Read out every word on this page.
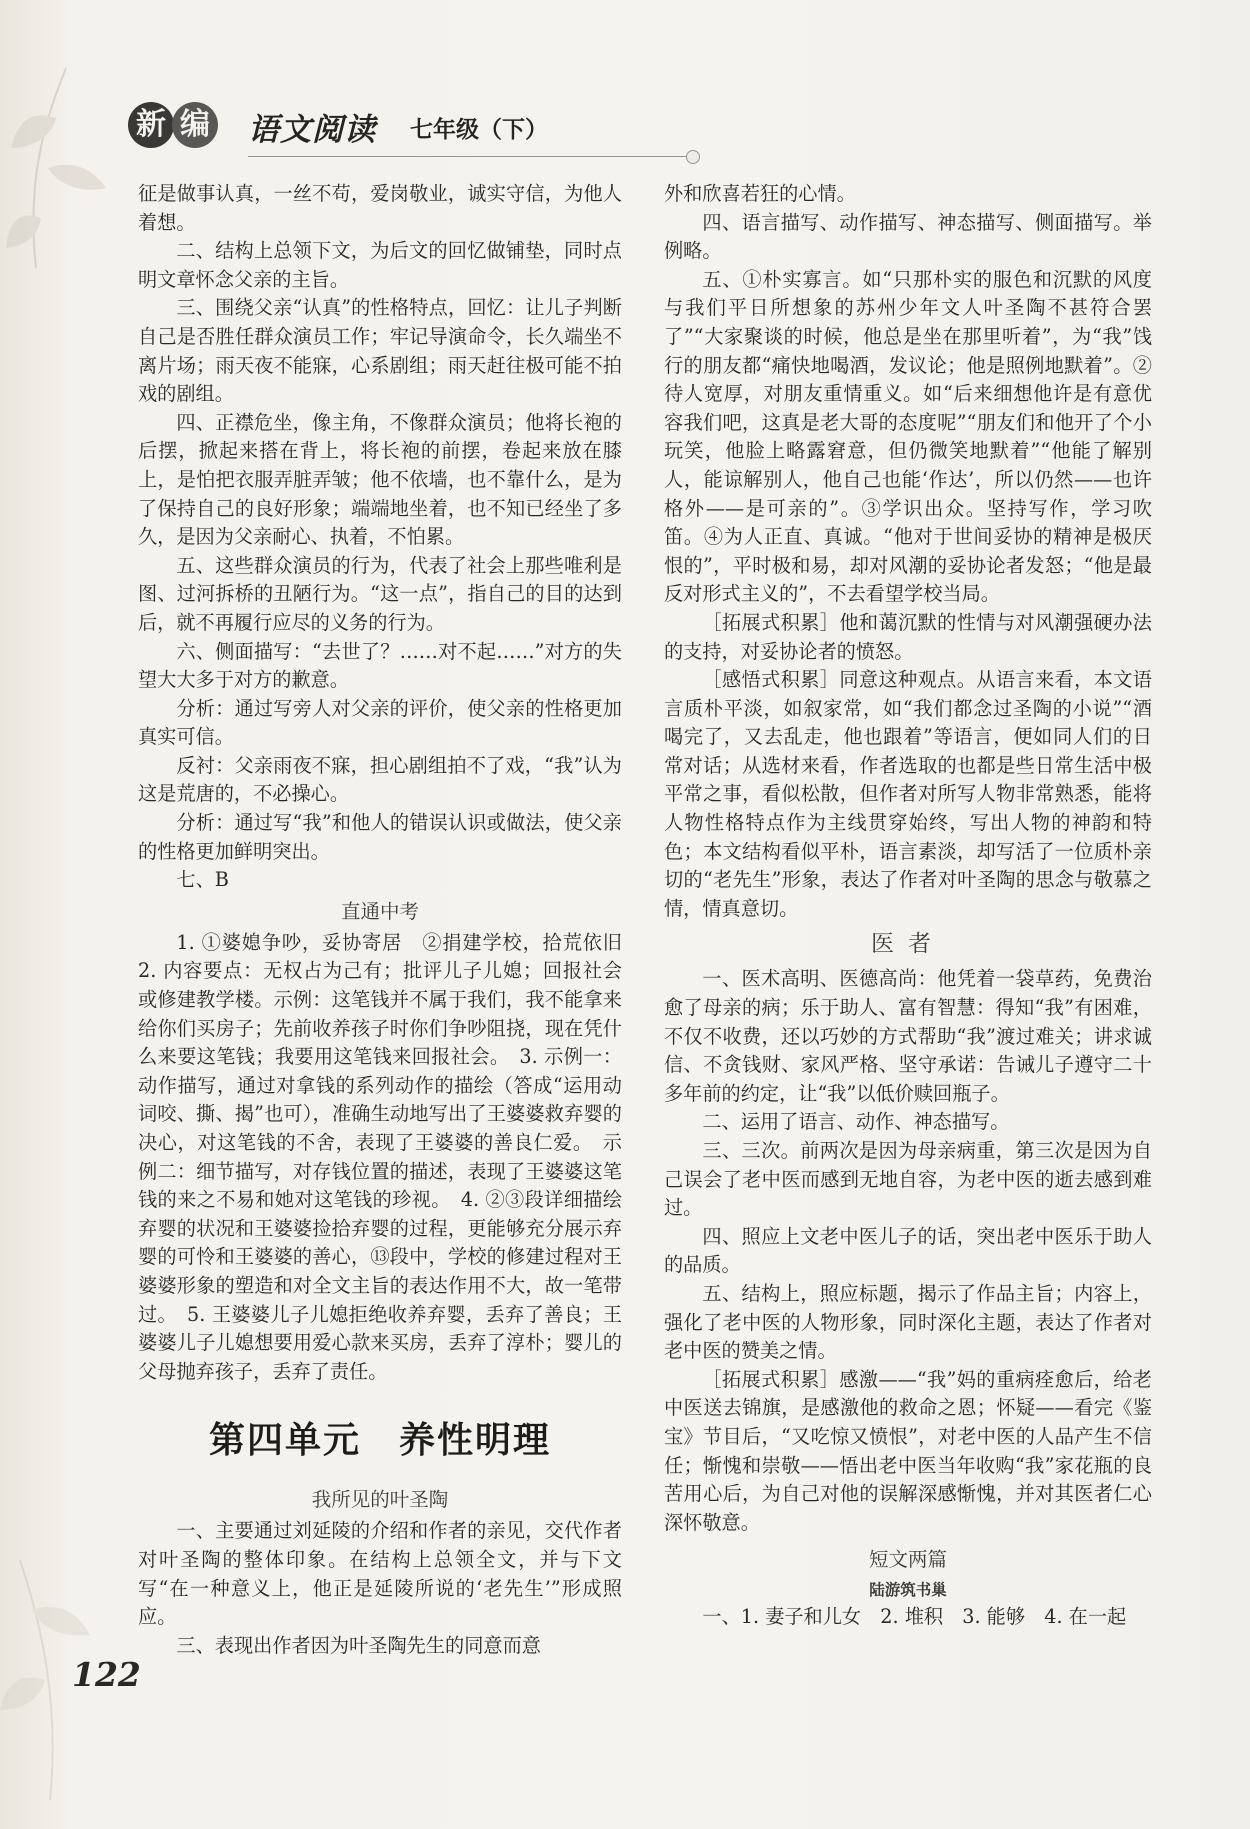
新 编 语文阅读 七年级（下）

征是做事认真，一丝不苟，爱岗敬业，诚实守信，为他人着想。

二、结构上总领下文，为后文的回忆做铺垫，同时点明文章怀念父亲的主旨。

三、围绕父亲“认真”的性格特点，回忆：让儿子判断自己是否胜任群众演员工作；牢记导演命令，长久端坐不离片场；雨天夜不能寐，心系剧组；雨天赶往极可能不拍戏的剧组。

四、正襟危坐，像主角，不像群众演员；他将长袍的后摆，掀起来搭在背上，将长袍的前摆，卷起来放在膝上，是怕把衣服弄脏弄皱；他不依墙，也不靠什么，是为了保持自己的良好形象；端端地坐着，也不知已经坐了多久，是因为父亲耐心、执着，不怕累。

五、这些群众演员的行为，代表了社会上那些唯利是图、过河拆桥的丑陋行为。“这一点”，指自己的目的达到后，就不再履行应尽的义务的行为。

六、侧面描写：“去世了？……对不起……”对方的失望大大多于对方的歉意。

分析：通过写旁人对父亲的评价，使父亲的性格更加真实可信。

反衬：父亲雨夜不寐，担心剧组拍不了戏，“我”认为这是荒唐的，不必操心。

分析：通过写“我”和他人的错误认识或做法，使父亲的性格更加鲜明突出。

七、B

直通中考

1. ①婆媳争吵，妥协寄居　②捐建学校，拾荒依旧　2. 内容要点：无权占为己有；批评儿子儿媳；回报社会或修建教学楼。示例：这笔钱并不属于我们，我不能拿来给你们买房子；先前收养孩子时你们争吵阻挠，现在凭什么来要这笔钱；我要用这笔钱来回报社会。　3. 示例一：动作描写，通过对拿钱的系列动作的描绘（答成“运用动词咬、撕、揭”也可），准确生动地写出了王婆婆救弃婴的决心，对这笔钱的不舍，表现了王婆婆的善良仁爱。　示例二：细节描写，对存钱位置的描述，表现了王婆婆这笔钱的来之不易和她对这笔钱的珍视。　4. ②③段详细描绘弃婴的状况和王婆婆捡拾弃婴的过程，更能够充分展示弃婴的可怜和王婆婆的善心，⑬段中，学校的修建过程对王婆婆形象的塑造和对全文主旨的表达作用不大，故一笔带过。　5. 王婆婆儿子儿媳拒绝收养弃婴，丢弃了善良；王婆婆儿子儿媳想要用爱心款来买房，丢弃了淳朴；婴儿的父母抛弃孩子，丢弃了责任。

第四单元　养性明理
我所见的叶圣陶

一、主要通过刘延陵的介绍和作者的亲见，交代作者对叶圣陶的整体印象。在结构上总领全文，并与下文写“在一种意义上，他正是延陵所说的‘老先生’”形成照应。

三、表现出作者因为叶圣陶先生的同意而意

外和欣喜若狂的心情。

四、语言描写、动作描写、神态描写、侧面描写。举例略。

五、①朴实寡言。如“只那朴实的服色和沉默的风度与我们平日所想象的苏州少年文人叶圣陶不甚符合罢了”“大家聚谈的时候，他总是坐在那里听着”，为“我”饯行的朋友都“痛快地喝酒，发议论；他是照例地默着”。②待人宽厚，对朋友重情重义。如“后来细想他许是有意优容我们吧，这真是老大哥的态度呢”“朋友们和他开了个小玩笑，他脸上略露窘意，但仍微笑地默着”“他能了解别人，能谅解别人，他自己也能‘作达’，所以仍然——也许格外——是可亲的”。③学识出众。坚持写作，学习吹笛。④为人正直、真诚。“他对于世间妥协的精神是极厌恨的”，平时极和易，却对风潮的妥协论者发怒；“他是最反对形式主义的”，不去看望学校当局。

［拓展式积累］他和蔼沉默的性情与对风潮强硬办法的支持，对妥协论者的愤怒。

［感悟式积累］同意这种观点。从语言来看，本文语言质朴平淡，如叙家常，如“我们都念过圣陶的小说”“酒喝完了，又去乱走，他也跟着”等语言，便如同人们的日常对话；从选材来看，作者选取的也都是些日常生活中极平常之事，看似松散，但作者对所写人物非常熟悉，能将人物性格特点作为主线贯穿始终，写出人物的神韵和特色；本文结构看似平朴，语言素淡，却写活了一位质朴亲切的“老先生”形象，表达了作者对叶圣陶的思念与敬慕之情，情真意切。

医者

一、医术高明、医德高尚：他凭着一袋草药，免费治愈了母亲的病；乐于助人、富有智慧：得知“我”有困难，不仅不收费，还以巧妙的方式帮助“我”渡过难关；讲求诚信、不贪钱财、家风严格、坚守承诺：告诫儿子遵守二十多年前的约定，让“我”以低价赎回瓶子。

二、运用了语言、动作、神态描写。

三、三次。前两次是因为母亲病重，第三次是因为自己误会了老中医而感到无地自容，为老中医的逝去感到难过。

四、照应上文老中医儿子的话，突出老中医乐于助人的品质。

五、结构上，照应标题，揭示了作品主旨；内容上，强化了老中医的人物形象，同时深化主题，表达了作者对老中医的赞美之情。

［拓展式积累］感激——“我”妈的重病痊愈后，给老中医送去锦旗，是感激他的救命之恩；怀疑——看完《鉴宝》节目后，“又吃惊又愤恨”，对老中医的人品产生不信任；惭愧和崇敬——悟出老中医当年收购“我”家花瓶的良苦用心后，为自己对他的误解深感惭愧，并对其医者仁心深怀敬意。

短文两篇
陆游筑书巢

一、1. 妻子和儿女　2. 堆积　3. 能够　4. 在一起

122
